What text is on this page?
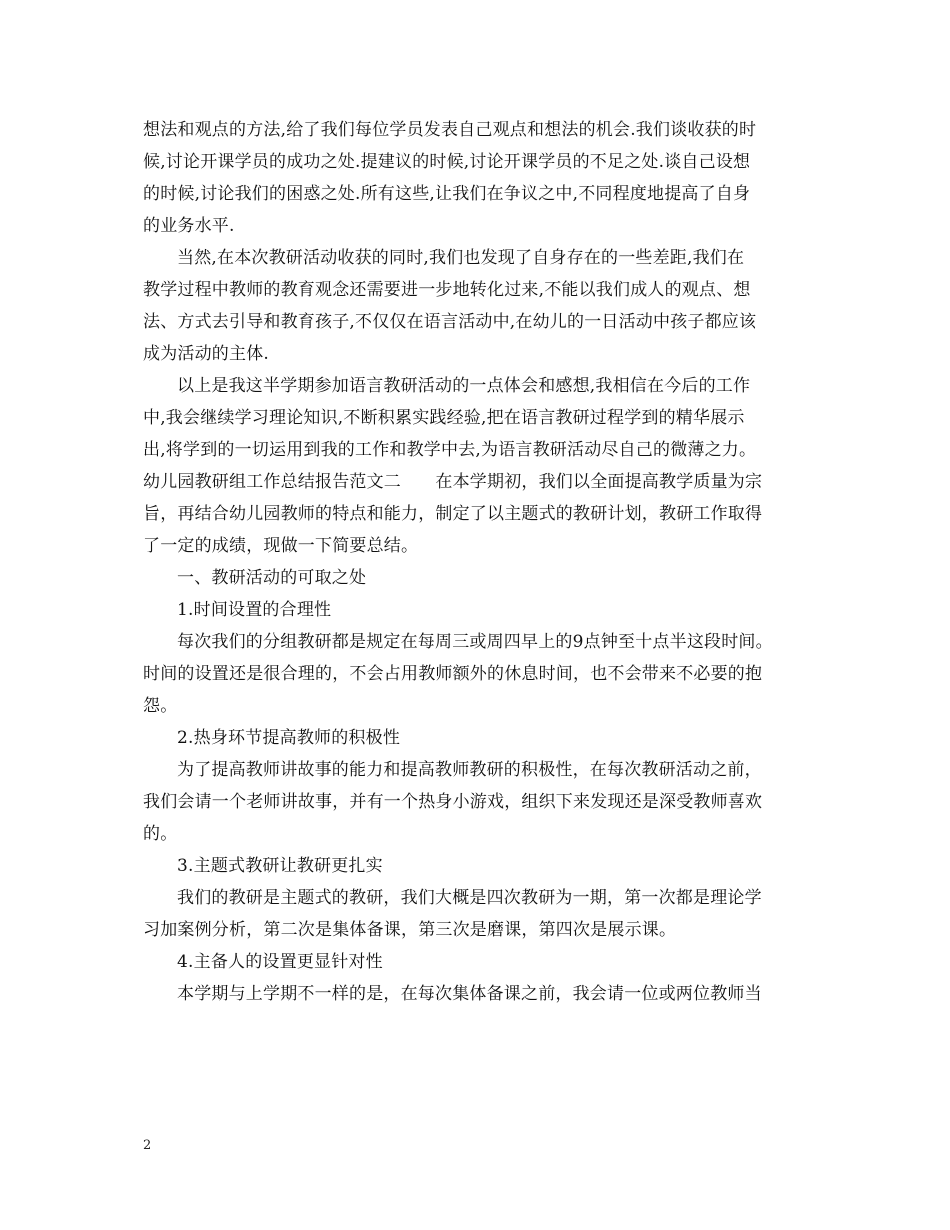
想法和观点的方法,给了我们每位学员发表自己观点和想法的机会.我们谈收获的时
候,讨论开课学员的成功之处.提建议的时候,讨论开课学员的不足之处.谈自己设想
的时候,讨论我们的困惑之处.所有这些,让我们在争议之中,不同程度地提高了自身
的业务水平.
当然,在本次教研活动收获的同时,我们也发现了自身存在的一些差距,我们在
教学过程中教师的教育观念还需要进一步地转化过来,不能以我们成人的观点、想
法、方式去引导和教育孩子,不仅仅在语言活动中,在幼儿的一日活动中孩子都应该
成为活动的主体.
以上是我这半学期参加语言教研活动的一点体会和感想,我相信在今后的工作
中,我会继续学习理论知识,不断积累实践经验,把在语言教研过程学到的精华展示
出,将学到的一切运用到我的工作和教学中去,为语言教研活动尽自己的微薄之力。
幼儿园教研组工作总结报告范文二　　在本学期初，我们以全面提高教学质量为宗
旨，再结合幼儿园教师的特点和能力，制定了以主题式的教研计划，教研工作取得
了一定的成绩，现做一下简要总结。
一、教研活动的可取之处
1.时间设置的合理性
每次我们的分组教研都是规定在每周三或周四早上的9点钟至十点半这段时间。
时间的设置还是很合理的，不会占用教师额外的休息时间，也不会带来不必要的抱
怨。
2.热身环节提高教师的积极性
为了提高教师讲故事的能力和提高教师教研的积极性，在每次教研活动之前，
我们会请一个老师讲故事，并有一个热身小游戏，组织下来发现还是深受教师喜欢
的。
3.主题式教研让教研更扎实
我们的教研是主题式的教研，我们大概是四次教研为一期，第一次都是理论学
习加案例分析，第二次是集体备课，第三次是磨课，第四次是展示课。
4.主备人的设置更显针对性
本学期与上学期不一样的是，在每次集体备课之前，我会请一位或两位教师当
2
